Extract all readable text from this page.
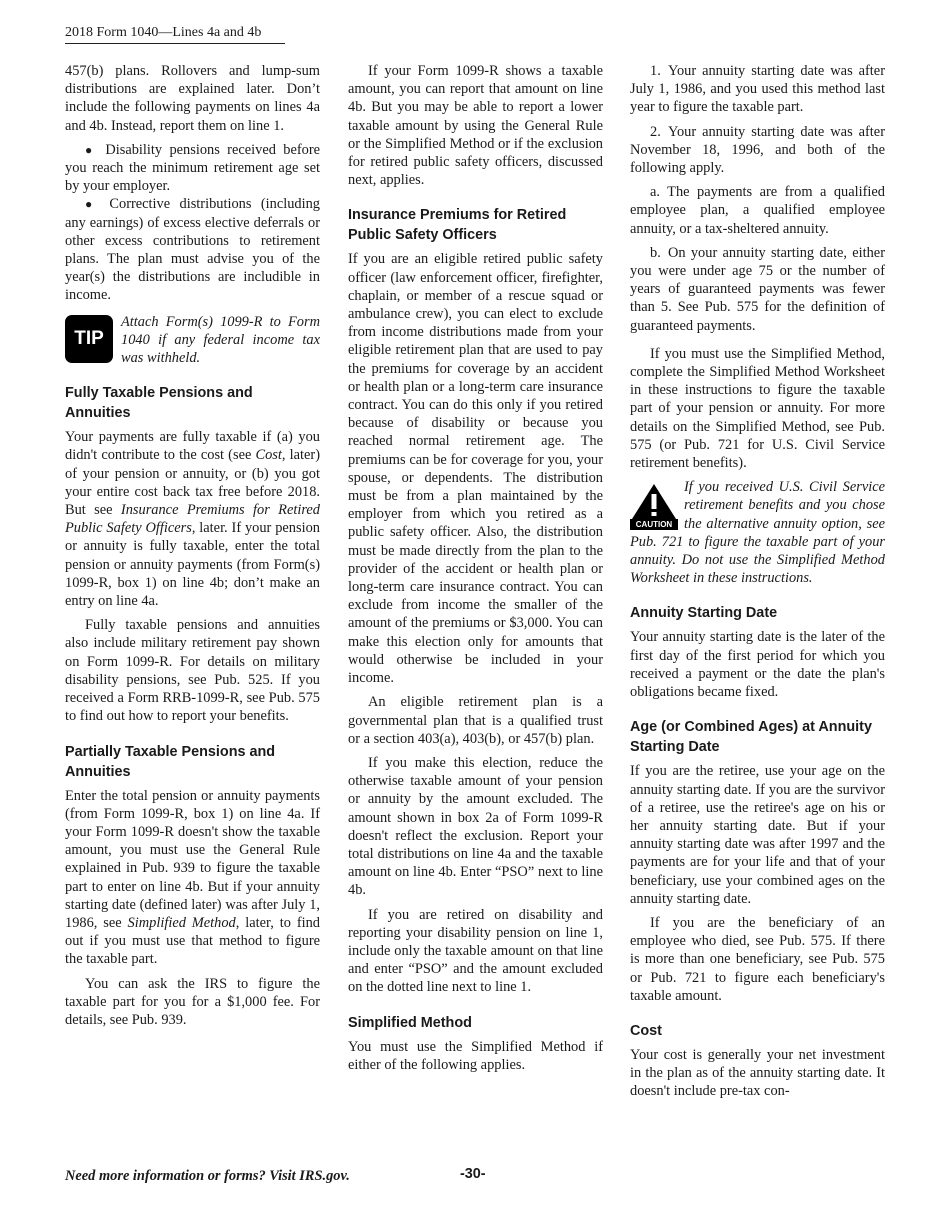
2018 Form 1040—Lines 4a and 4b

457(b) plans. Rollovers and lump-sum distributions are explained later. Don’t include the following payments on lines 4a and 4b. Instead, report them on line 1.

● Disability pensions received before you reach the minimum retirement age set by your employer.

● Corrective distributions (including any earnings) of excess elective deferrals or other excess contributions to retirement plans. The plan must advise you of the year(s) the distributions are includible in income.

TIP
Attach Form(s) 1099-R to Form 1040 if any federal income tax was withheld.
Fully Taxable Pensions and Annuities

Your payments are fully taxable if (a) you didn't contribute to the cost (see Cost, later) of your pension or annuity, or (b) you got your entire cost back tax free before 2018. But see Insurance Premiums for Retired Public Safety Officers, later. If your pension or annuity is fully taxable, enter the total pension or annuity payments (from Form(s) 1099-R, box 1) on line 4b; don’t make an entry on line 4a.

Fully taxable pensions and annuities also include military retirement pay shown on Form 1099-R. For details on military disability pensions, see Pub. 525. If you received a Form RRB-1099-R, see Pub. 575 to find out how to report your benefits.

Partially Taxable Pensions and Annuities

Enter the total pension or annuity payments (from Form 1099-R, box 1) on line 4a. If your Form 1099-R doesn't show the taxable amount, you must use the General Rule explained in Pub. 939 to figure the taxable part to enter on line 4b. But if your annuity starting date (defined later) was after July 1, 1986, see Simplified Method, later, to find out if you must use that method to figure the taxable part.

You can ask the IRS to figure the taxable part for you for a $1,000 fee. For details, see Pub. 939.

If your Form 1099-R shows a taxable amount, you can report that amount on line 4b. But you may be able to report a lower taxable amount by using the General Rule or the Simplified Method or if the exclusion for retired public safety officers, discussed next, applies.

Insurance Premiums for Retired Public Safety Officers

If you are an eligible retired public safety officer (law enforcement officer, firefighter, chaplain, or member of a rescue squad or ambulance crew), you can elect to exclude from income distributions made from your eligible retirement plan that are used to pay the premiums for coverage by an accident or health plan or a long-term care insurance contract. You can do this only if you retired because of disability or because you reached normal retirement age. The premiums can be for coverage for you, your spouse, or dependents. The distribution must be from a plan maintained by the employer from which you retired as a public safety officer. Also, the distribution must be made directly from the plan to the provider of the accident or health plan or long-term care insurance contract. You can exclude from income the smaller of the amount of the premiums or $3,000. You can make this election only for amounts that would otherwise be included in your income.

An eligible retirement plan is a governmental plan that is a qualified trust or a section 403(a), 403(b), or 457(b) plan.

If you make this election, reduce the otherwise taxable amount of your pension or annuity by the amount excluded. The amount shown in box 2a of Form 1099-R doesn't reflect the exclusion. Report your total distributions on line 4a and the taxable amount on line 4b. Enter “PSO” next to line 4b.

If you are retired on disability and reporting your disability pension on line 1, include only the taxable amount on that line and enter “PSO” and the amount excluded on the dotted line next to line 1.

Simplified Method

You must use the Simplified Method if either of the following applies.

1. Your annuity starting date was after July 1, 1986, and you used this method last year to figure the taxable part.

2. Your annuity starting date was after November 18, 1996, and both of the following apply.

a. The payments are from a qualified employee plan, a qualified employee annuity, or a tax-sheltered annuity.

b. On your annuity starting date, either you were under age 75 or the number of years of guaranteed payments was fewer than 5. See Pub. 575 for the definition of guaranteed payments.

If you must use the Simplified Method, complete the Simplified Method Worksheet in these instructions to figure the taxable part of your pension or annuity. For more details on the Simplified Method, see Pub. 575 (or Pub. 721 for U.S. Civil Service retirement benefits).

CAUTION
If you received U.S. Civil Service retirement benefits and you chose the alternative annuity option, see Pub. 721 to figure the taxable part of your annuity. Do not use the Simplified Method Worksheet in these instructions.
Annuity Starting Date

Your annuity starting date is the later of the first day of the first period for which you received a payment or the date the plan's obligations became fixed.

Age (or Combined Ages) at Annuity Starting Date

If you are the retiree, use your age on the annuity starting date. If you are the survivor of a retiree, use the retiree's age on his or her annuity starting date. But if your annuity starting date was after 1997 and the payments are for your life and that of your beneficiary, use your combined ages on the annuity starting date.

If you are the beneficiary of an employee who died, see Pub. 575. If there is more than one beneficiary, see Pub. 575 or Pub. 721 to figure each beneficiary's taxable amount.

Cost

Your cost is generally your net investment in the plan as of the annuity starting date. It doesn't include pre-tax con-

Need more information or forms? Visit IRS.gov.	-30-
